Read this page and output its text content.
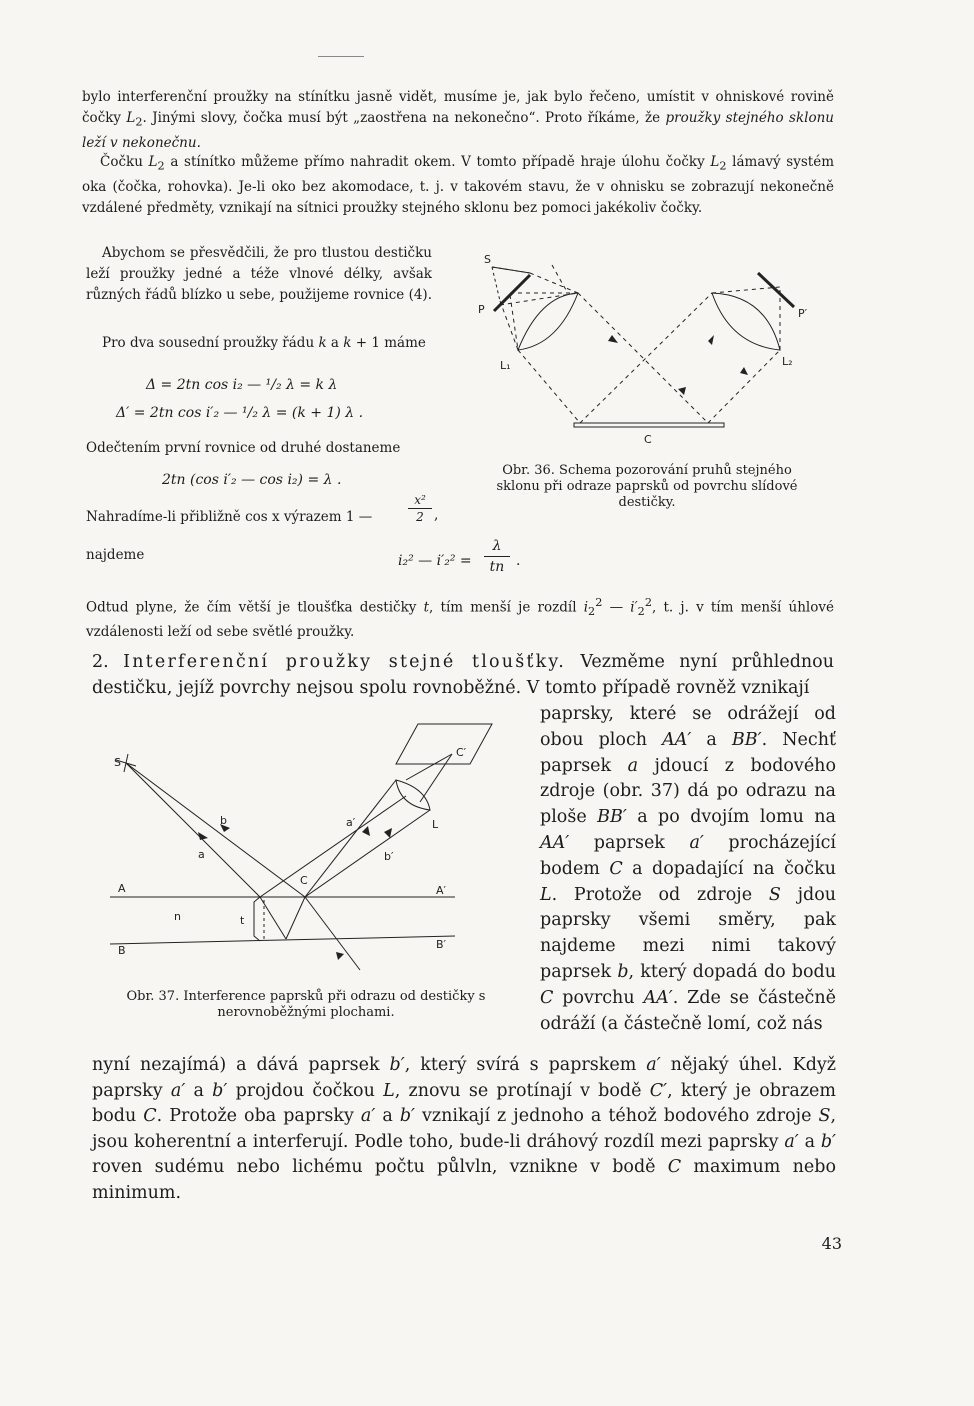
bylo interferenční proužky na stínítku jasně vidět, musíme je, jak bylo řečeno, umístit v ohniskové rovině čočky $L_2$. Jinými slovy, čočka musí být „zaostřena na nekonečno“. Proto říkáme, že proužky stejného sklonu leží v nekonečnu.

Čočku $L_2$ a stínítko můžeme přímo nahradit okem. V tomto případě hraje úlohu čočky $L_2$ lámavý systém oka (čočka, rohovka). Je-li oko bez akomodace, t. j. v takovém stavu, že v ohnisku se zobrazují nekonečně vzdálené předměty, vznikají na sítnici proužky stejného sklonu bez pomoci jakékoliv čočky.

Abychom se přesvědčili, že pro tlustou destičku leží proužky jedné a téže vlnové délky, avšak různých řádů blízko u sebe, použijeme rovnice (4).

Pro dva sousední proužky řádu k a k + 1 máme

Δ = 2tn cos i₂ — ¹/₂ λ = k λ
Δ′ = 2tn cos i′₂ — ¹/₂ λ = (k + 1) λ .

Odečtením první rovnice od druhé dostaneme

2tn (cos i′₂ — cos i₂) = λ .

Nahradíme-li přibližně cos x výrazem 1 —

x²
2 ,

najdeme	i₂² — i′₂² =
λ
tn .

Odtud plyne, že čím větší je tloušťka destičky t, tím menší je rozdíl $i_2^2$ — $i'_2^2$, t. j. v tím menší úhlové vzdálenosti leží od sebe světlé proužky.

S
P	P′
L₁	L₂
C
Obr. 36. Schema pozorování pruhů stejného sklonu při odraze paprsků od povrchu slídové destičky.

2. Interferenční proužky stejné tloušťky. Vezměme nyní průhlednou destičku, jejíž povrchy nejsou spolu rovnoběžné. V tomto případě rovněž vznikají

paprsky, které se odrážejí od obou ploch AA′ a BB′. Nechť paprsek a jdoucí z bodového zdroje (obr. 37) dá po odrazu na ploše BB′ a po dvojím lomu na AA′ paprsek a′ procházející bodem C a dopadající na čočku L. Protože od zdroje S jdou paprsky všemi směry, pak najdeme mezi nimi takový paprsek b, který dopadá do bodu C povrchu AA′. Zde se částečně odráží (a částečně lomí, což nás

S
a
b	a′
b′
L
C′
C
A	A′
B	B′
n	t
Obr. 37. Interference paprsků při odrazu od destičky s nerovnoběžnými plochami.

nyní nezajímá) a dává paprsek b′, který svírá s paprskem a′ nějaký úhel. Když paprsky a′ a b′ projdou čočkou L, znovu se protínají v bodě C′, který je obrazem bodu C. Protože oba paprsky a′ a b′ vznikají z jednoho a téhož bodového zdroje S, jsou koherentní a interferují. Podle toho, bude-li dráhový rozdíl mezi paprsky a′ a b′ roven sudému nebo lichému počtu půlvln, vznikne v bodě C maximum nebo minimum.

43
